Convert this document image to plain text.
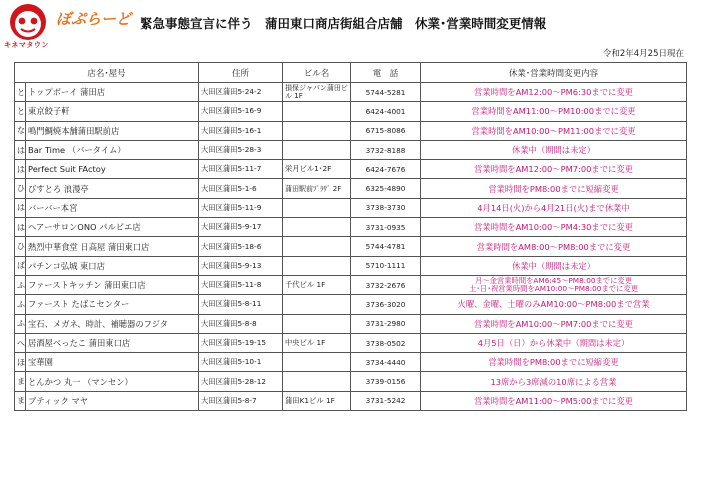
キネマタウン
ぼぷらーど 緊急事態宣言に伴う　蒲田東口商店街組合店舗　休業･営業時間変更情報
令和2年4月25日現在
店名･屋号		住所	ビル名	電　話	休業･営業時間変更内容
と	トップボーイ 蒲田店	大田区蒲田5-24-2	損保ジャパン蒲田ビル 1F	5744-5281	営業時間をAM12:00～PM6:30までに変更
と	東京餃子軒	大田区蒲田5-16-9		6424-4001	営業時間をAM11:00～PM10:00までに変更
な	鳴門鯛焼本舗蒲田駅前店	大田区蒲田5-16-1		6715-8086	営業時間をAM10:00～PM11:00までに変更
は	Bar Time （バータイム）	大田区蒲田5-28-3		3732-8188	休業中（期間は未定）
は	Perfect Suit FActoy	大田区蒲田5-11-7	栄月ビル1･2F	6424-7676	営業時間をAM12:00～PM7:00までに変更
ひ	びすとろ 浪漫亭	大田区蒲田5-1-6	蒲田駅前ﾌﾟﾗｻﾞ 2F	6325-4890	営業時間をPM8:00までに短縮変更
は	バーバー本宮	大田区蒲田5-11-9		3738-3730	4月14日(火)から4月21日(火)まで休業中
は	ヘアーサロンONO パルビエ店	大田区蒲田5-9-17		3731-0935	営業時間をAM10:00～PM4:30までに変更
ひ	熱烈中華食堂 日高屋 蒲田東口店	大田区蒲田5-18-6		5744-4781	営業時間をAM8:00～PM8:00までに変更
ぱ	パチンコ弘城 東口店	大田区蒲田5-9-13		5710-1111	休業中（期間は未定）
ふ	ファーストキッチン 蒲田東口店	大田区蒲田5-11-8	千代ビル 1F	3732-2676	月～金営業時間をAM6:45～PM8:00までに変更
土･日･祝営業時間をAM10:00～PM8:00までに変更

ふ	ファースト たばこセンター	大田区蒲田5-8-11		3736-3020	火曜、金曜、土曜のみAM10:00～PM8:00まで営業
ふ	宝石、メガネ、時計、補聴器のフジタ	大田区蒲田5-8-8		3731-2980	営業時間をAM10:00～PM7:00までに変更
へ	居酒屋べったこ 蒲田東口店	大田区蒲田5-19-15	中央ビル 1F	3738-0502	4月5日（日）から休業中（期間は未定）
ほ	宝華園	大田区蒲田5-10-1		3734-4440	営業時間をPM8:00までに短縮変更
ま	とんかつ 丸一 （マンセン）	大田区蒲田5-28-12		3739-0156	13席から3席減の10席による営業
ま	ブティック マヤ	大田区蒲田5-8-7	蒲田K1ビル 1F	3731-5242	営業時間をAM11:00～PM5:00までに変更
